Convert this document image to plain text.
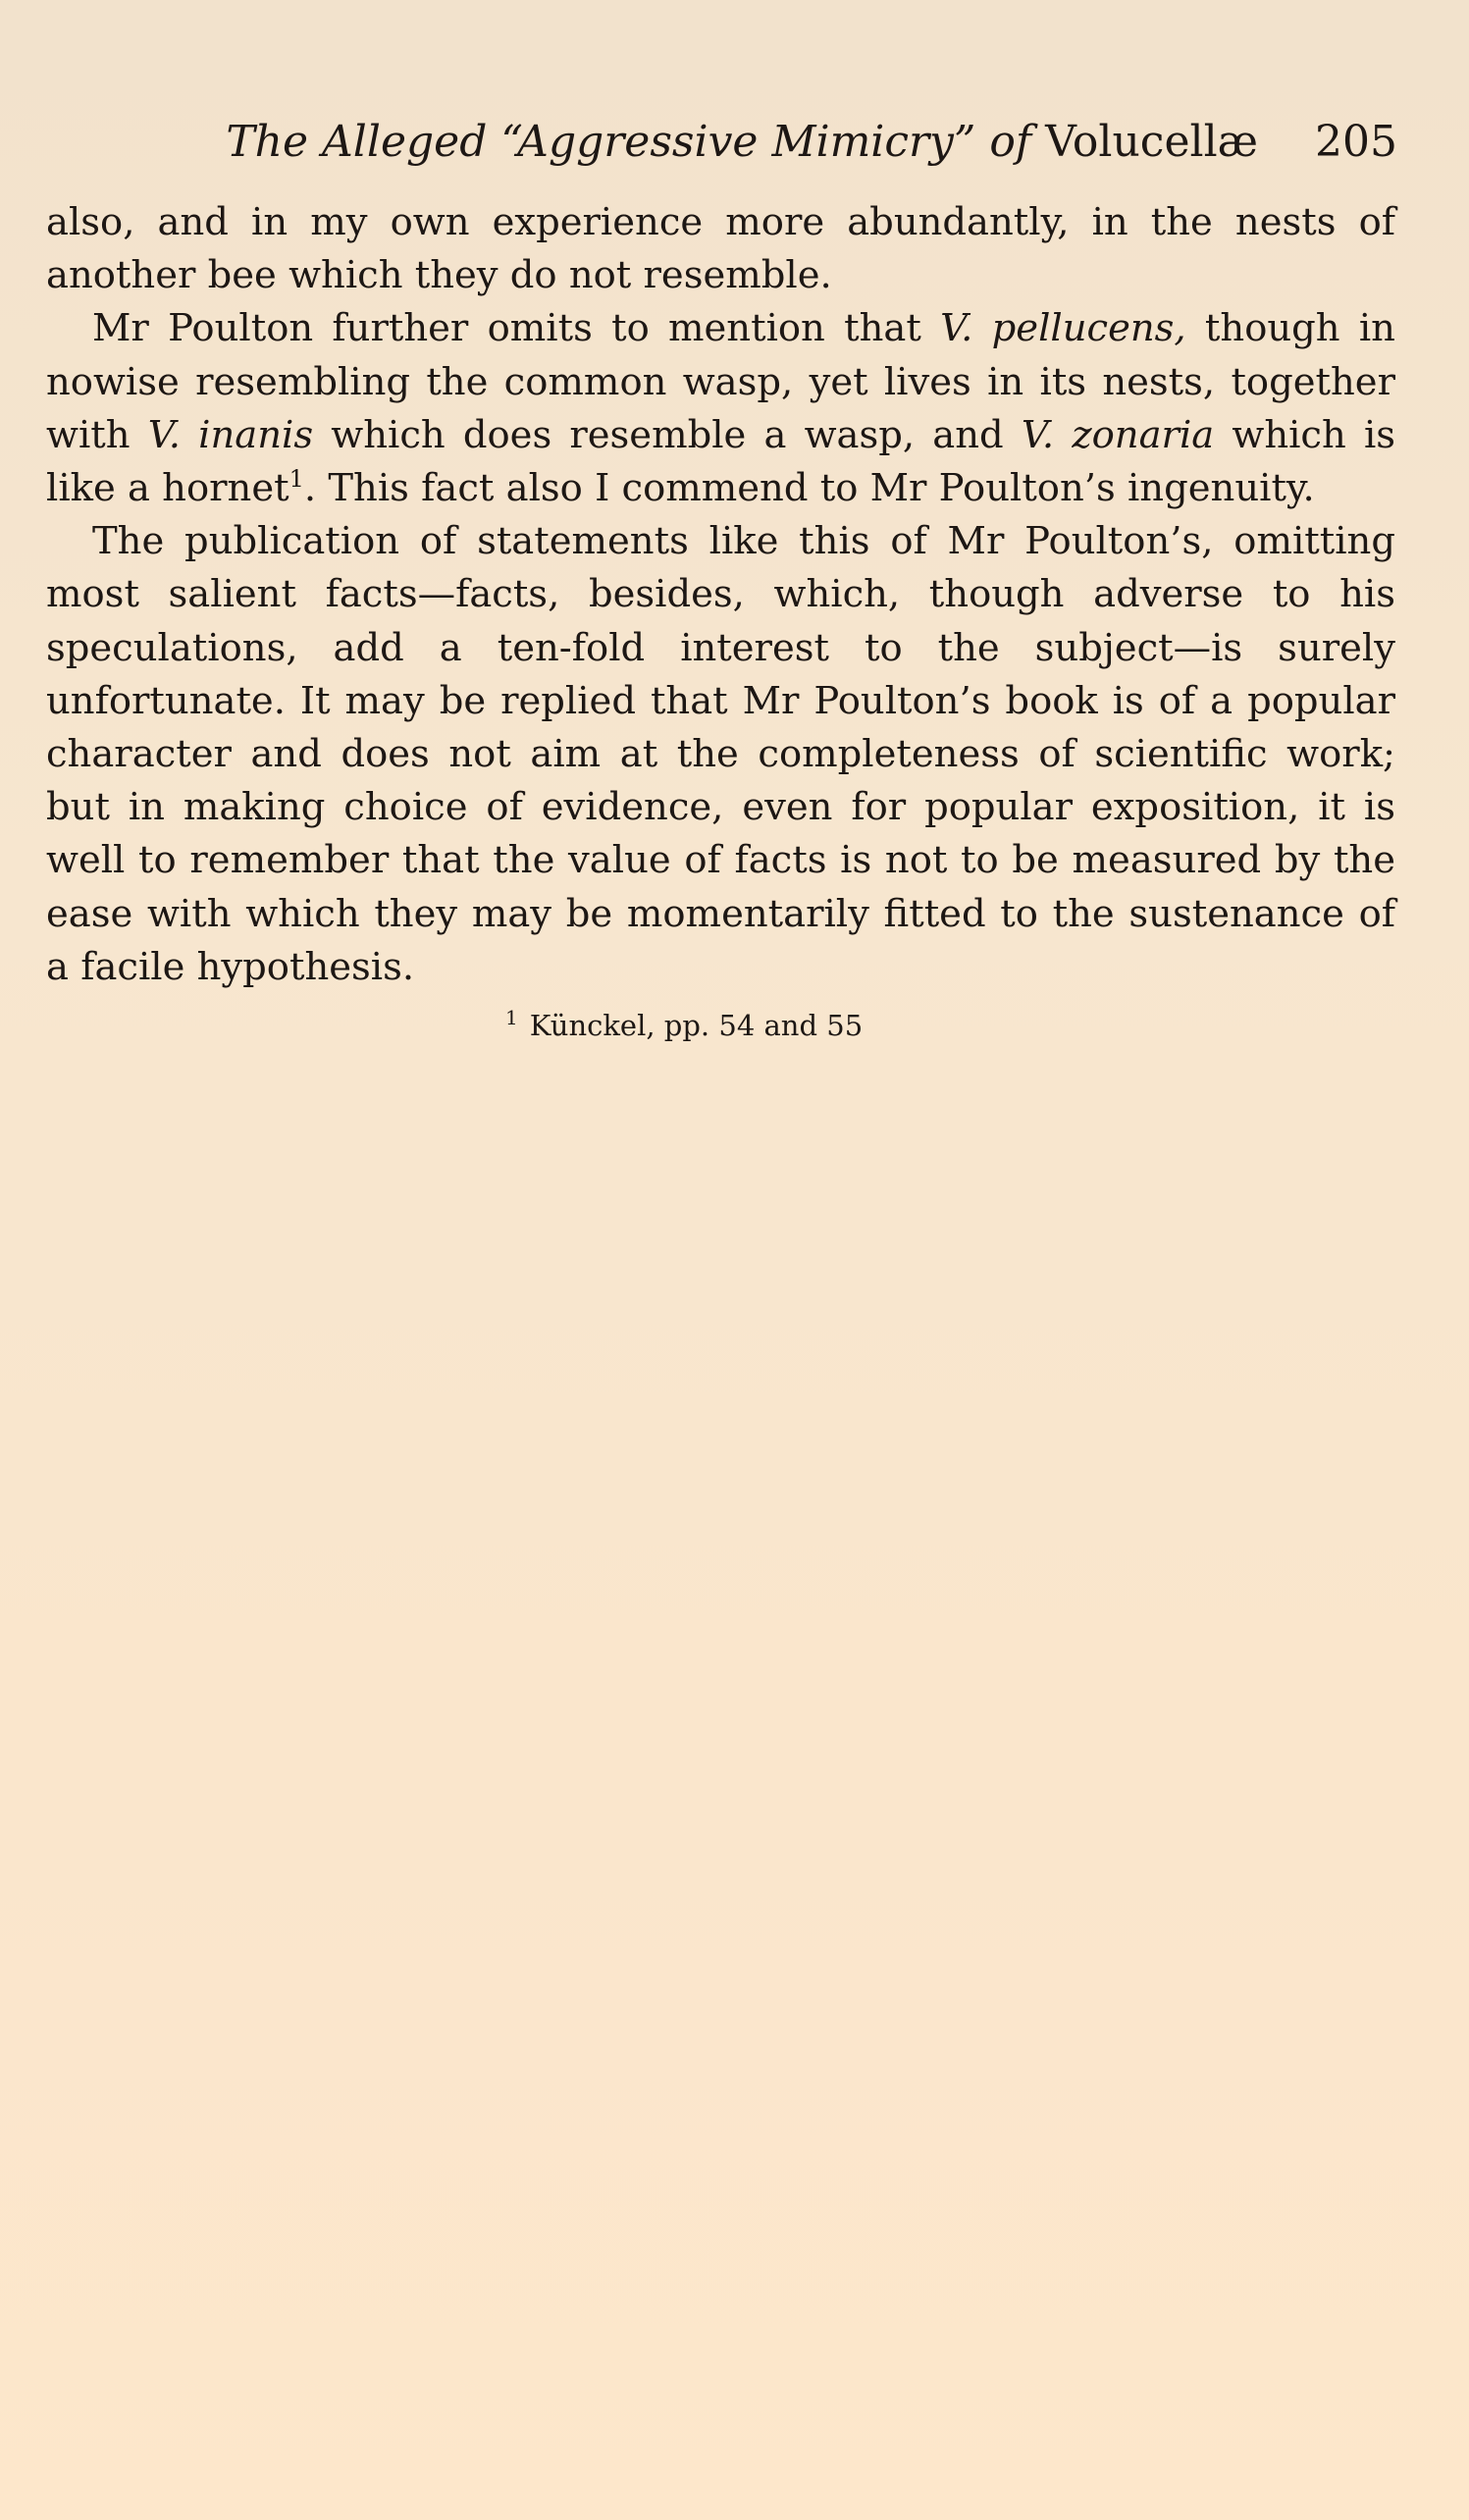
The Alleged “Aggressive Mimicry” of Volucellæ 205

also, and in my own experience more abundantly, in the nests of another bee which they do not resemble.

Mr Poulton further omits to mention that V. pellucens, though in nowise resembling the common wasp, yet lives in its nests, together with V. inanis which does resemble a wasp, and V. zonaria which is like a hornet$^1$. This fact also I commend to Mr Poulton’s ingenuity.

The publication of statements like this of Mr Poulton’s, omitting most salient facts—facts, besides, which, though adverse to his speculations, add a ten-fold interest to the subject—is surely unfortunate. It may be replied that Mr Poulton’s book is of a popular character and does not aim at the completeness of scientific work; but in making choice of evidence, even for popular exposition, it is well to remember that the value of facts is not to be measured by the ease with which they may be momentarily fitted to the sustenance of a facile hypothesis.

$^1$ Künckel, pp. 54 and 55
